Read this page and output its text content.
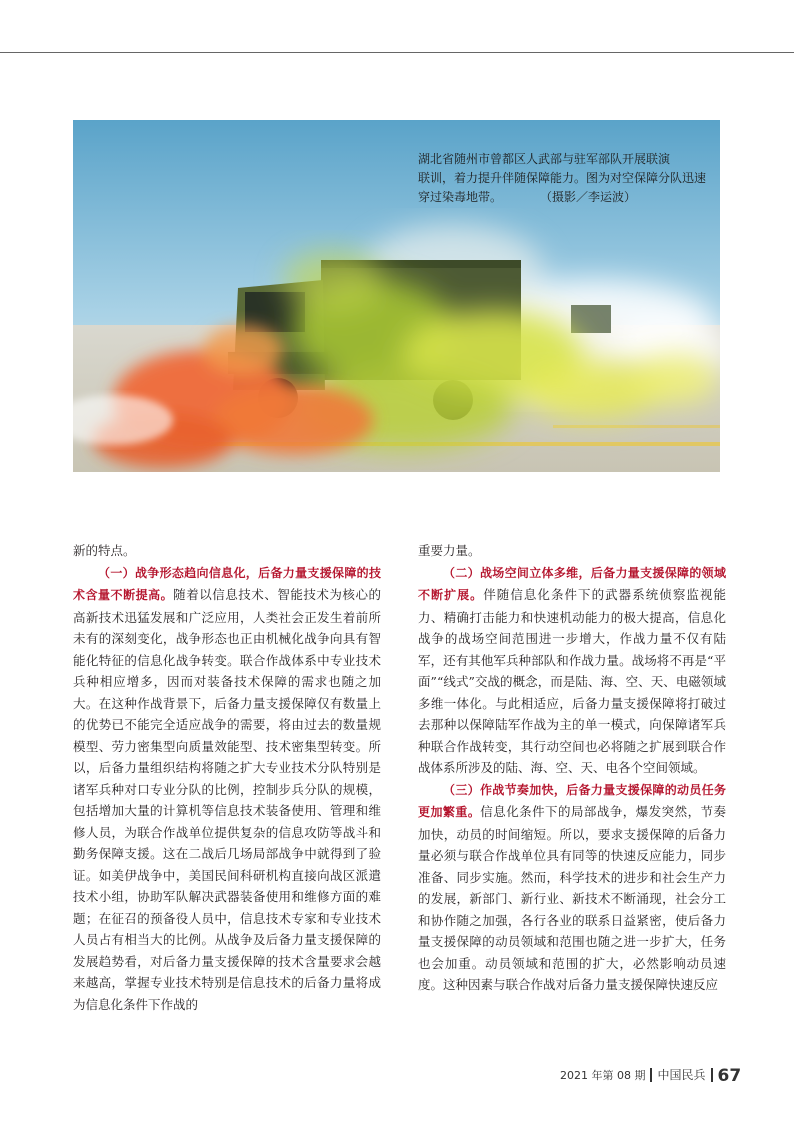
湖北省随州市曾都区人武部与驻军部队开展联演
联训，着力提升伴随保障能力。图为对空保障分队迅速
穿过染毒地带。	（摄影／李运波）

新的特点。

（一）战争形态趋向信息化，后备力量支援保障的技术含量不断提高。随着以信息技术、智能技术为核心的高新技术迅猛发展和广泛应用，人类社会正发生着前所未有的深刻变化，战争形态也正由机械化战争向具有智能化特征的信息化战争转变。联合作战体系中专业技术兵种相应增多，因而对装备技术保障的需求也随之加大。在这种作战背景下，后备力量支援保障仅有数量上的优势已不能完全适应战争的需要，将由过去的数量规模型、劳力密集型向质量效能型、技术密集型转变。所以，后备力量组织结构将随之扩大专业技术分队特别是诸军兵种对口专业分队的比例，控制步兵分队的规模，包括增加大量的计算机等信息技术装备使用、管理和维修人员，为联合作战单位提供复杂的信息攻防等战斗和勤务保障支援。这在二战后几场局部战争中就得到了验证。如美伊战争中，美国民间科研机构直接向战区派遣技术小组，协助军队解决武器装备使用和维修方面的难题；在征召的预备役人员中，信息技术专家和专业技术人员占有相当大的比例。从战争及后备力量支援保障的发展趋势看，对后备力量支援保障的技术含量要求会越来越高，掌握专业技术特别是信息技术的后备力量将成为信息化条件下作战的

重要力量。

（二）战场空间立体多维，后备力量支援保障的领域不断扩展。伴随信息化条件下的武器系统侦察监视能力、精确打击能力和快速机动能力的极大提高，信息化战争的战场空间范围进一步增大，作战力量不仅有陆军，还有其他军兵种部队和作战力量。战场将不再是“平面”“线式”交战的概念，而是陆、海、空、天、电磁领域多维一体化。与此相适应，后备力量支援保障将打破过去那种以保障陆军作战为主的单一模式，向保障诸军兵种联合作战转变，其行动空间也必将随之扩展到联合作战体系所涉及的陆、海、空、天、电各个空间领域。

（三）作战节奏加快，后备力量支援保障的动员任务更加繁重。信息化条件下的局部战争，爆发突然，节奏加快，动员的时间缩短。所以，要求支援保障的后备力量必须与联合作战单位具有同等的快速反应能力，同步准备、同步实施。然而，科学技术的进步和社会生产力的发展，新部门、新行业、新技术不断涌现，社会分工和协作随之加强，各行各业的联系日益紧密，使后备力量支援保障的动员领域和范围也随之进一步扩大，任务也会加重。动员领域和范围的扩大，必然影响动员速度。这种因素与联合作战对后备力量支援保障快速反应

2021 年第 08 期 中国民兵 67
